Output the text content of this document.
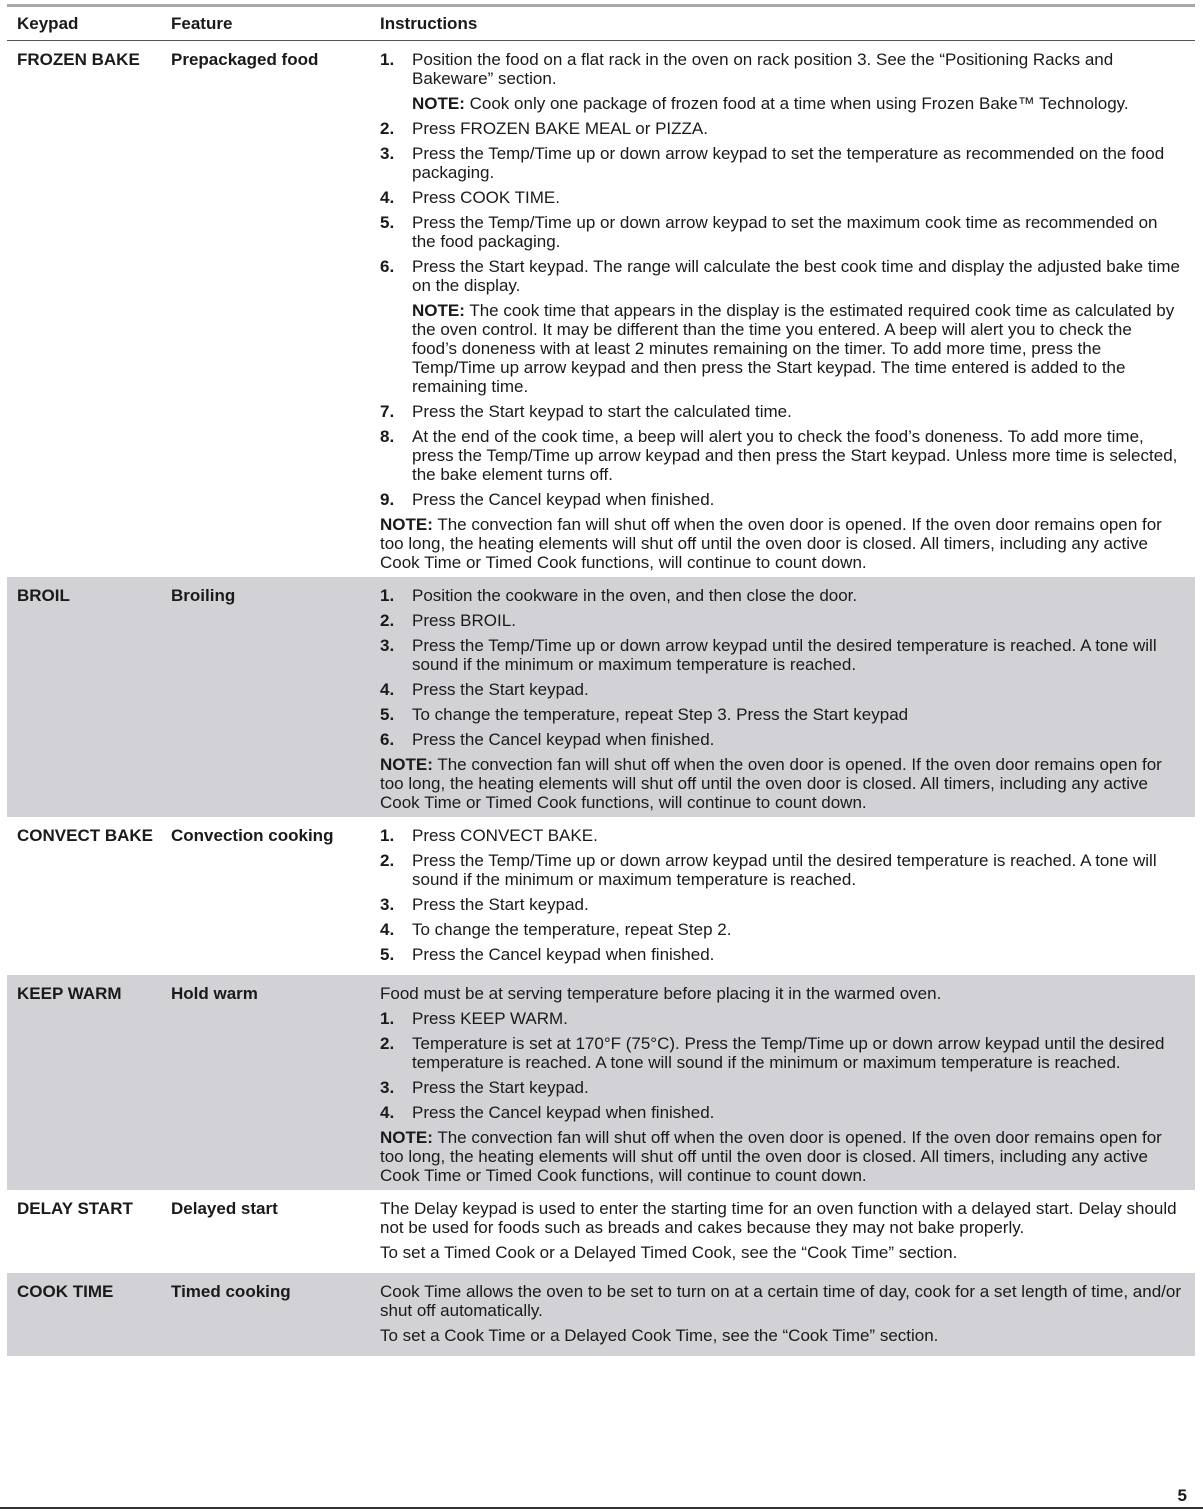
Keypad	Feature	Instructions
FROZEN BAKE	Prepackaged food	1.	Position the food on a flat rack in the oven on rack position 3. See the “Positioning Racks and Bakeware” section.
NOTE: Cook only one package of frozen food at a time when using Frozen Bake™ Technology.
2.	Press FROZEN BAKE MEAL or PIZZA.
3.	Press the Temp/Time up or down arrow keypad to set the temperature as recommended on the food packaging.
4.	Press COOK TIME.
5.	Press the Temp/Time up or down arrow keypad to set the maximum cook time as recommended on the food packaging.
6.	Press the Start keypad. The range will calculate the best cook time and display the adjusted bake time on the display.
NOTE: The cook time that appears in the display is the estimated required cook time as calculated by the oven control. It may be different than the time you entered. A beep will alert you to check the food’s doneness with at least 2 minutes remaining on the timer. To add more time, press the Temp/Time up arrow keypad and then press the Start keypad. The time entered is added to the remaining time.
7.	Press the Start keypad to start the calculated time.
8.	At the end of the cook time, a beep will alert you to check the food’s doneness. To add more time, press the Temp/Time up arrow keypad and then press the Start keypad. Unless more time is selected, the bake element turns off.
9.	Press the Cancel keypad when finished.

NOTE: The convection fan will shut off when the oven door is opened. If the oven door remains open for too long, the heating elements will shut off until the oven door is closed. All timers, including any active Cook Time or Timed Cook functions, will continue to count down.

BROIL	Broiling	1.	Position the cookware in the oven, and then close the door.
2.	Press BROIL.
3.	Press the Temp/Time up or down arrow keypad until the desired temperature is reached. A tone will sound if the minimum or maximum temperature is reached.
4.	Press the Start keypad.
5.	To change the temperature, repeat Step 3. Press the Start keypad
6.	Press the Cancel keypad when finished.

NOTE: The convection fan will shut off when the oven door is opened. If the oven door remains open for too long, the heating elements will shut off until the oven door is closed. All timers, including any active Cook Time or Timed Cook functions, will continue to count down.

CONVECT BAKE	Convection cooking	1.	Press CONVECT BAKE.
2.	Press the Temp/Time up or down arrow keypad until the desired temperature is reached. A tone will sound if the minimum or maximum temperature is reached.
3.	Press the Start keypad.
4.	To change the temperature, repeat Step 2.
5.	Press the Cancel keypad when finished.
KEEP WARM	Hold warm	Food must be at serving temperature before placing it in the warmed oven.

1.	Press KEEP WARM.
2.	Temperature is set at 170°F (75°C). Press the Temp/Time up or down arrow keypad until the desired temperature is reached. A tone will sound if the minimum or maximum temperature is reached.
3.	Press the Start keypad.
4.	Press the Cancel keypad when finished.

NOTE: The convection fan will shut off when the oven door is opened. If the oven door remains open for too long, the heating elements will shut off until the oven door is closed. All timers, including any active Cook Time or Timed Cook functions, will continue to count down.

DELAY START	Delayed start	The Delay keypad is used to enter the starting time for an oven function with a delayed start. Delay should not be used for foods such as breads and cakes because they may not bake properly.

To set a Timed Cook or a Delayed Timed Cook, see the “Cook Time” section.

COOK TIME	Timed cooking	Cook Time allows the oven to be set to turn on at a certain time of day, cook for a set length of time, and/or shut off automatically.

To set a Cook Time or a Delayed Cook Time, see the “Cook Time” section.

5
